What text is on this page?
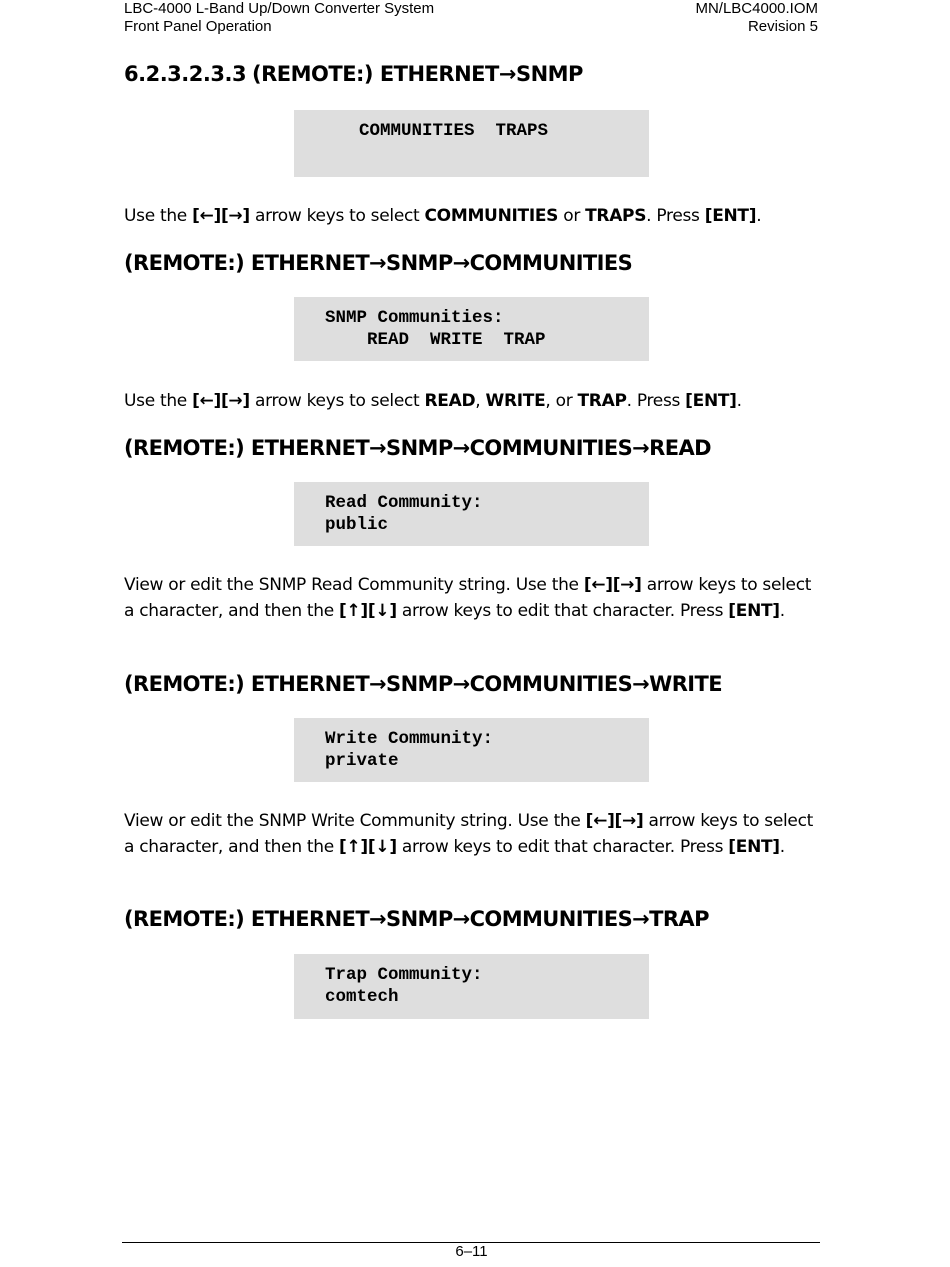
LBC-4000 L-Band Up/Down Converter System
Front Panel Operation
MN/LBC4000.IOM
Revision 5
6.2.3.2.3.3 (REMOTE:) ETHERNET→SNMP
COMMUNITIES  TRAPS
Use the [←][→] arrow keys to select COMMUNITIES or TRAPS. Press [ENT].
(REMOTE:) ETHERNET→SNMP→COMMUNITIES
SNMP Communities:
READ  WRITE  TRAP
Use the [←][→] arrow keys to select READ, WRITE, or TRAP. Press [ENT].
(REMOTE:) ETHERNET→SNMP→COMMUNITIES→READ
Read Community:
public
View or edit the SNMP Read Community string. Use the [←][→] arrow keys to select a character, and then the [↑][↓] arrow keys to edit that character. Press [ENT].
(REMOTE:) ETHERNET→SNMP→COMMUNITIES→WRITE
Write Community:
private
View or edit the SNMP Write Community string. Use the [←][→] arrow keys to select a character, and then the [↑][↓] arrow keys to edit that character. Press [ENT].
(REMOTE:) ETHERNET→SNMP→COMMUNITIES→TRAP
Trap Community:
comtech
6–11
